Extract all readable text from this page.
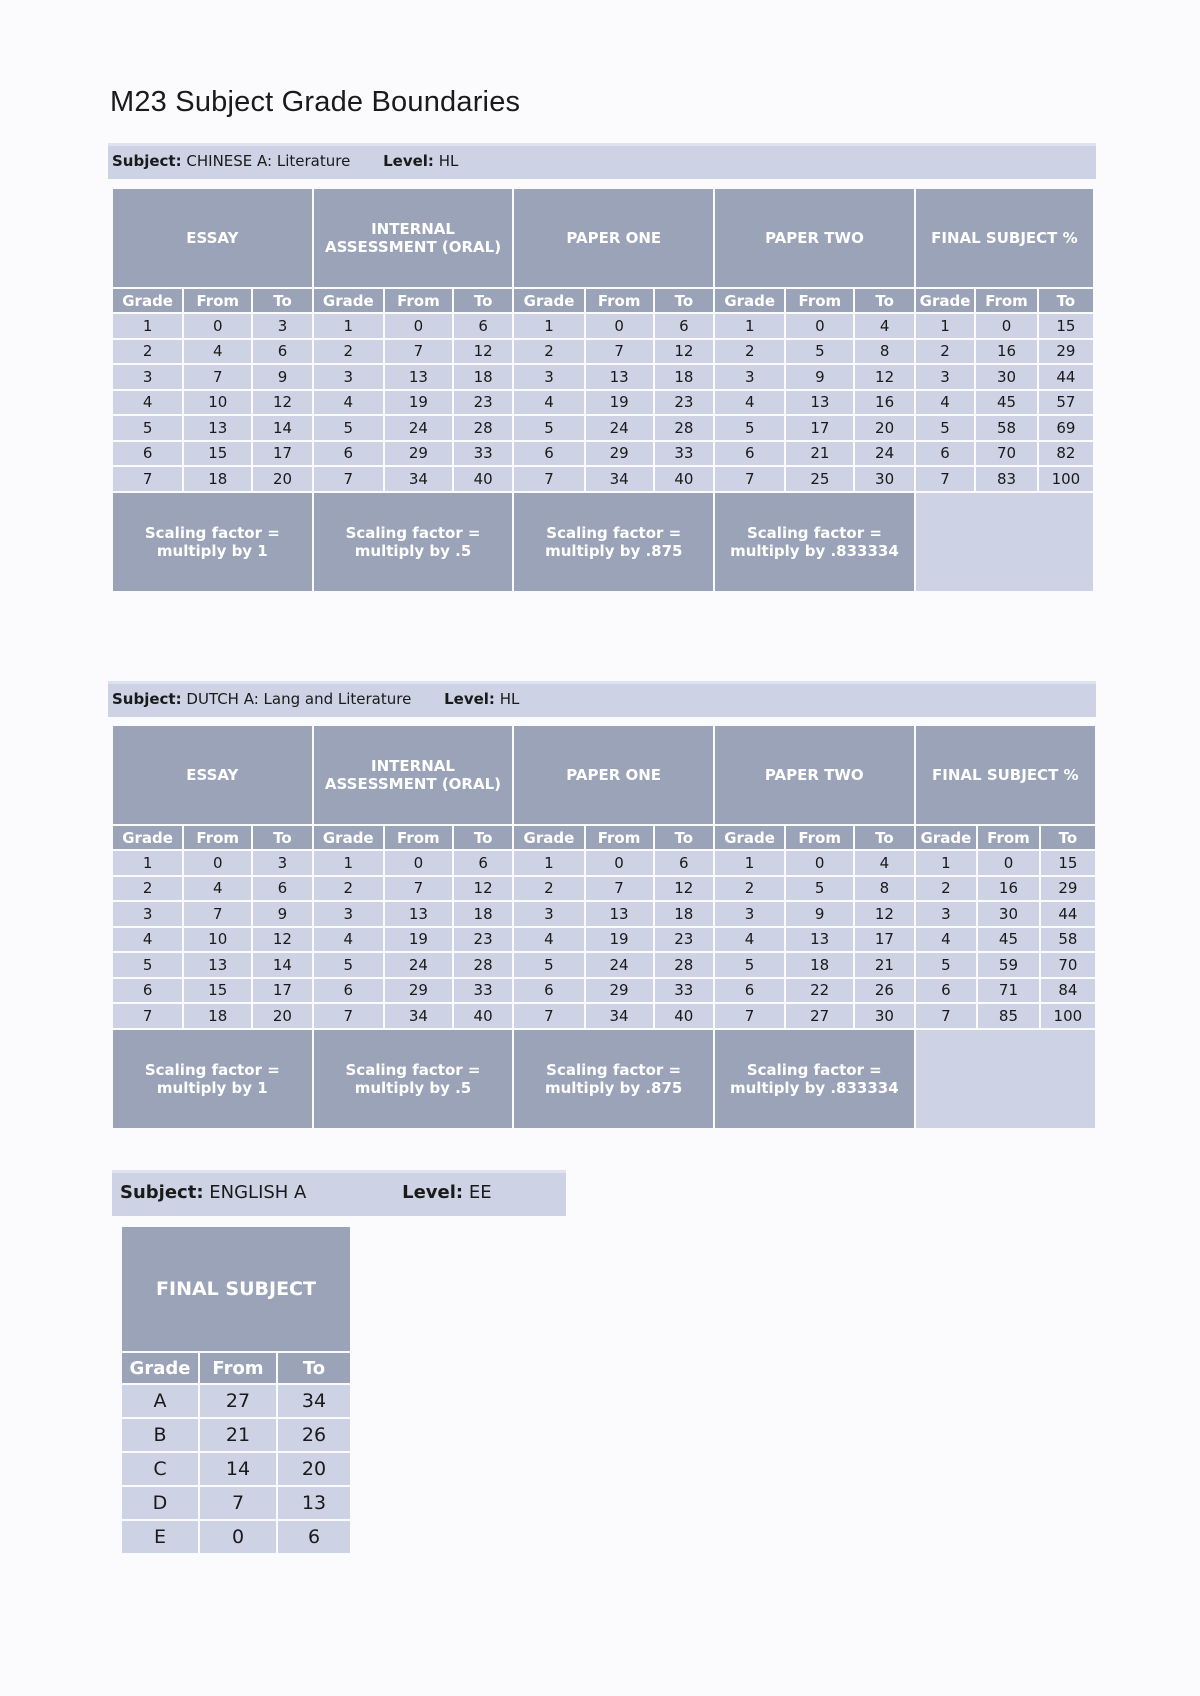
M23 Subject Grade Boundaries
Subject: CHINESE A: Literature Level: HL
ESSAY			INTERNAL ASSESSMENT (ORAL)			PAPER ONE			PAPER TWO			FINAL SUBJECT %		
Grade	From	To	Grade	From	To	Grade	From	To	Grade	From	To	Grade	From	To
1	0	3	1	0	6	1	0	6	1	0	4	1	0	15
2	4	6	2	7	12	2	7	12	2	5	8	2	16	29
3	7	9	3	13	18	3	13	18	3	9	12	3	30	44
4	10	12	4	19	23	4	19	23	4	13	16	4	45	57
5	13	14	5	24	28	5	24	28	5	17	20	5	58	69
6	15	17	6	29	33	6	29	33	6	21	24	6	70	82
7	18	20	7	34	40	7	34	40	7	25	30	7	83	100
Scaling factor = multiply by 1			Scaling factor = multiply by .5			Scaling factor = multiply by .875			Scaling factor = multiply by .833334					
Subject: DUTCH A: Lang and Literature Level: HL
ESSAY			INTERNAL ASSESSMENT (ORAL)			PAPER ONE			PAPER TWO			FINAL SUBJECT %		
Grade	From	To	Grade	From	To	Grade	From	To	Grade	From	To	Grade	From	To
1	0	3	1	0	6	1	0	6	1	0	4	1	0	15
2	4	6	2	7	12	2	7	12	2	5	8	2	16	29
3	7	9	3	13	18	3	13	18	3	9	12	3	30	44
4	10	12	4	19	23	4	19	23	4	13	17	4	45	58
5	13	14	5	24	28	5	24	28	5	18	21	5	59	70
6	15	17	6	29	33	6	29	33	6	22	26	6	71	84
7	18	20	7	34	40	7	34	40	7	27	30	7	85	100
Scaling factor = multiply by 1			Scaling factor = multiply by .5			Scaling factor = multiply by .875			Scaling factor = multiply by .833334					
Subject: ENGLISH A	Level: EE
FINAL SUBJECT		
Grade	From	To
A	27	34
B	21	26
C	14	20
D	7	13
E	0	6
